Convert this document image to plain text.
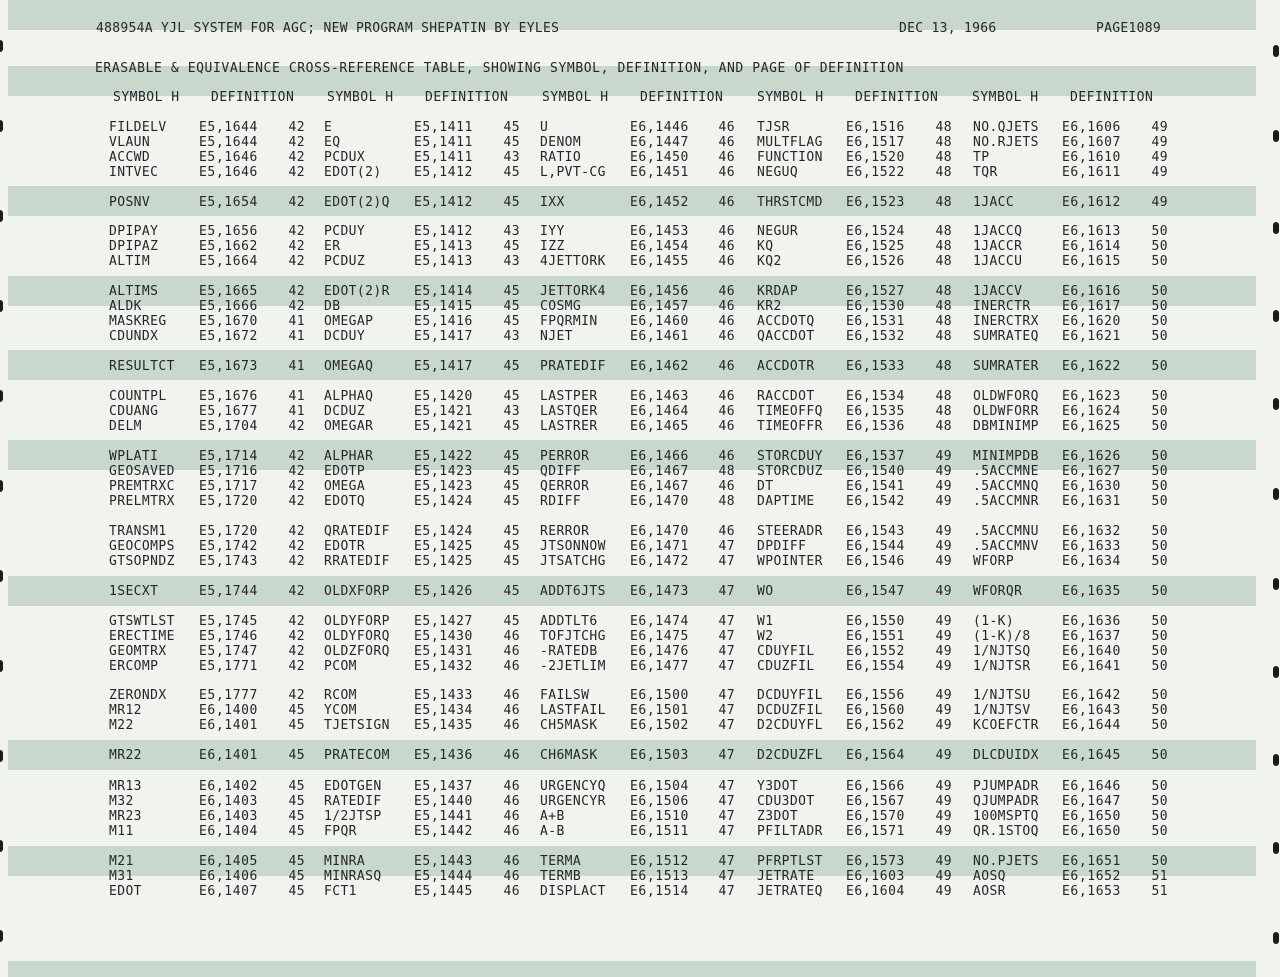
488954A YJL SYSTEM FOR AGC; NEW PROGRAM SHEPATIN BY EYLES	DEC 13, 1966	PAGE1089
ERASABLE & EQUIVALENCE CROSS-REFERENCE TABLE, SHOWING SYMBOL, DEFINITION, AND PAGE OF DEFINITION
SYMBOL H DEFINITION	SYMBOL H DEFINITION	SYMBOL H DEFINITION	SYMBOL H DEFINITION	SYMBOL H DEFINITION
FILDELV E5,1644	42 E	E5,1411	45 U	E6,1446	46 TJSR	E6,1516	48 NO.QJETS E6,1606	49
VLAUN	E5,1644	42 EQ	E5,1411	45 DENOM	E6,1447	46 MULTFLAG E6,1517	48 NO.RJETS E6,1607	49
ACCWD	E5,1646	42 PCDUX	E5,1411	43 RATIO	E6,1450	46 FUNCTION E6,1520	48 TP	E6,1610	49
INTVEC	E5,1646	42 EDOT(2) E5,1412	45 L,PVT-CG E6,1451	46 NEGUQ	E6,1522	48 TQR	E6,1611	49
POSNV	E5,1654	42 EDOT(2)Q E5,1412	45 IXX	E6,1452	46 THRSTCMD E6,1523	48 1JACC	E6,1612	49
DPIPAY	E5,1656	42 PCDUY	E5,1412	43 IYY	E6,1453	46 NEGUR	E6,1524	48 1JACCQ	E6,1613	50
DPIPAZ	E5,1662	42 ER	E5,1413	45 IZZ	E6,1454	46 KQ	E6,1525	48 1JACCR	E6,1614	50
ALTIM	E5,1664	42 PCDUZ	E5,1413	43 4JETTORK E6,1455	46 KQ2	E6,1526	48 1JACCU	E6,1615	50
ALTIMS	E5,1665	42 EDOT(2)R E5,1414	45 JETTORK4 E6,1456	46 KRDAP	E6,1527	48 1JACCV	E6,1616	50
ALDK	E5,1666	42 DB	E5,1415	45 COSMG	E6,1457	46 KR2	E6,1530	48 INERCTR E6,1617	50
MASKREG E5,1670	41 OMEGAP	E5,1416	45 FPQRMIN E6,1460	46 ACCDOTQ E6,1531	48 INERCTRX E6,1620	50
CDUNDX	E5,1672	41 DCDUY	E5,1417	43 NJET	E6,1461	46 QACCDOT E6,1532	48 SUMRATEQ E6,1621	50
RESULTCT E5,1673	41 OMEGAQ	E5,1417	45 PRATEDIF E6,1462	46 ACCDOTR E6,1533	48 SUMRATER E6,1622	50
COUNTPL E5,1676	41 ALPHAQ	E5,1420	45 LASTPER E6,1463	46 RACCDOT E6,1534	48 OLDWFORQ E6,1623	50
CDUANG	E5,1677	41 DCDUZ	E5,1421	43 LASTQER E6,1464	46 TIMEOFFQ E6,1535	48 OLDWFORR E6,1624	50
DELM	E5,1704	42 OMEGAR	E5,1421	45 LASTRER E6,1465	46 TIMEOFFR E6,1536	48 DBMINIMP E6,1625	50
WPLATI	E5,1714	42 ALPHAR	E5,1422	45 PERROR	E6,1466	46 STORCDUY E6,1537	49 MINIMPDB E6,1626	50
GEOSAVED E5,1716	42 EDOTP	E5,1423	45 QDIFF	E6,1467	48 STORCDUZ E6,1540	49 .5ACCMNE E6,1627	50
PREMTRXC E5,1717	42 OMEGA	E5,1423	45 QERROR	E6,1467	46 DT	E6,1541	49 .5ACCMNQ E6,1630	50
PRELMTRX E5,1720	42 EDOTQ	E5,1424	45 RDIFF	E6,1470	48 DAPTIME E6,1542	49 .5ACCMNR E6,1631	50
TRANSM1 E5,1720	42 QRATEDIF E5,1424	45 RERROR	E6,1470	46 STEERADR E6,1543	49 .5ACCMNU E6,1632	50
GEOCOMPS E5,1742	42 EDOTR	E5,1425	45 JTSONNOW E6,1471	47 DPDIFF	E6,1544	49 .5ACCMNV E6,1633	50
GTSOPNDZ E5,1743	42 RRATEDIF E5,1425	45 JTSATCHG E6,1472	47 WPOINTER E6,1546	49 WFORP	E6,1634	50
1SECXT	E5,1744	42 OLDXFORP E5,1426	45 ADDT6JTS E6,1473	47 WO	E6,1547	49 WFORQR	E6,1635	50
GTSWTLST E5,1745	42 OLDYFORP E5,1427	45 ADDTLT6 E6,1474	47 W1	E6,1550	49 (1-K)	E6,1636	50
ERECTIME E5,1746	42 OLDYFORQ E5,1430	46 TOFJTCHG E6,1475	47 W2	E6,1551	49 (1-K)/8 E6,1637	50
GEOMTRX E5,1747	42 OLDZFORQ E5,1431	46 -RATEDB E6,1476	47 CDUYFIL E6,1552	49 1/NJTSQ E6,1640	50
ERCOMP	E5,1771	42 PCOM	E5,1432	46 -2JETLIM E6,1477	47 CDUZFIL E6,1554	49 1/NJTSR E6,1641	50
ZERONDX E5,1777	42 RCOM	E5,1433	46 FAILSW	E6,1500	47 DCDUYFIL E6,1556	49 1/NJTSU E6,1642	50
MR12	E6,1400	45 YCOM	E5,1434	46 LASTFAIL E6,1501	47 DCDUZFIL E6,1560	49 1/NJTSV E6,1643	50
M22	E6,1401	45 TJETSIGN E5,1435	46 CH5MASK E6,1502	47 D2CDUYFL E6,1562	49 KCOEFCTR E6,1644	50
MR22	E6,1401	45 PRATECOM E5,1436	46 CH6MASK E6,1503	47 D2CDUZFL E6,1564	49 DLCDUIDX E6,1645	50
MR13	E6,1402	45 EDOTGEN E5,1437	46 URGENCYQ E6,1504	47 Y3DOT	E6,1566	49 PJUMPADR E6,1646	50
M32	E6,1403	45 RATEDIF E5,1440	46 URGENCYR E6,1506	47 CDU3DOT E6,1567	49 QJUMPADR E6,1647	50
MR23	E6,1403	45 1/2JTSP E5,1441	46 A+B	E6,1510	47 Z3DOT	E6,1570	49 100MSPTQ E6,1650	50
M11	E6,1404	45 FPQR	E5,1442	46 A-B	E6,1511	47 PFILTADR E6,1571	49 QR.1STOQ E6,1650	50
M21	E6,1405	45 MINRA	E5,1443	46 TERMA	E6,1512	47 PFRPTLST E6,1573	49 NO.PJETS E6,1651	50
M31	E6,1406	45 MINRASQ E5,1444	46 TERMB	E6,1513	47 JETRATE E6,1603	49 AOSQ	E6,1652	51
EDOT	E6,1407	45 FCT1	E5,1445	46 DISPLACT E6,1514	47 JETRATEQ E6,1604	49 AOSR	E6,1653	51
